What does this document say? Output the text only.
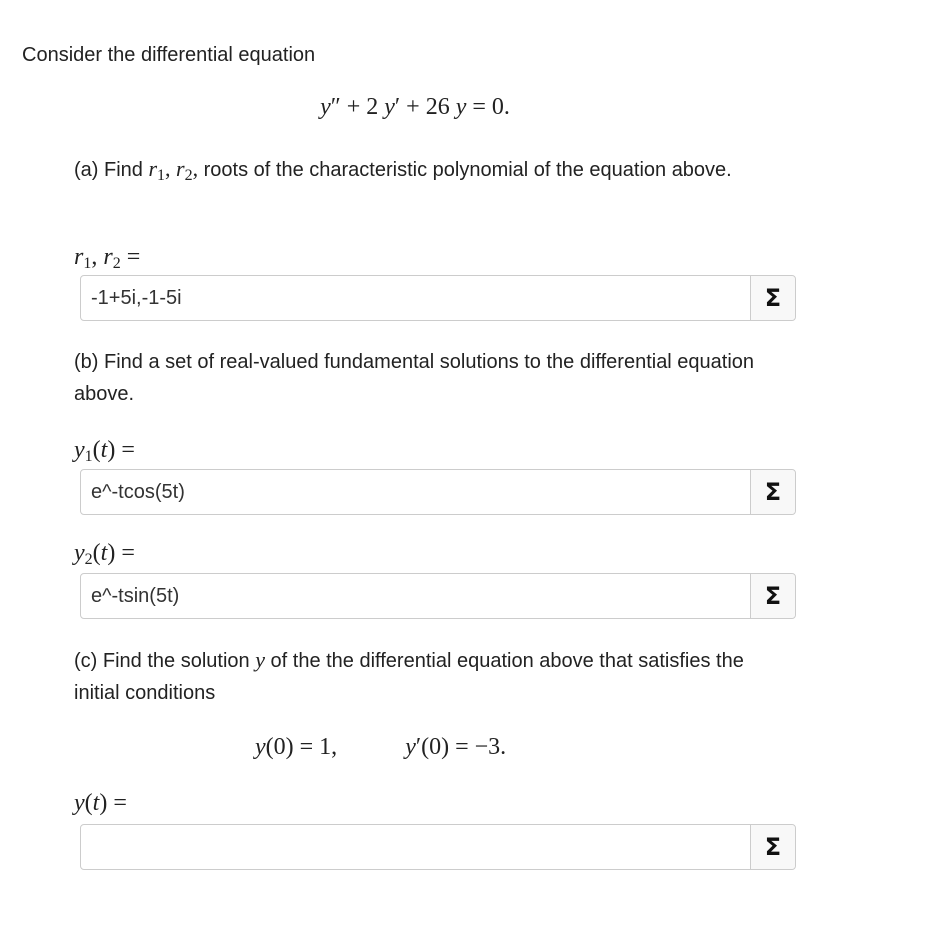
Consider the differential equation
y″ + 2 y′ + 26 y = 0.
(a) Find $r_1$, $r_2$, roots of the characteristic polynomial of the equation above.
$r_1$, $r_2$ =
-1+5i,-1-5i
Σ
(b) Find a set of real-valued fundamental solutions to the differential equation above.
$y_1(t)$ =
e^-tcos(5t)
Σ
$y_2(t)$ =
e^-tsin(5t)
Σ
(c) Find the solution y of the the differential equation above that satisfies the initial conditions
y(0) = 1,	y′(0) = −3.
y(t) =
Σ
